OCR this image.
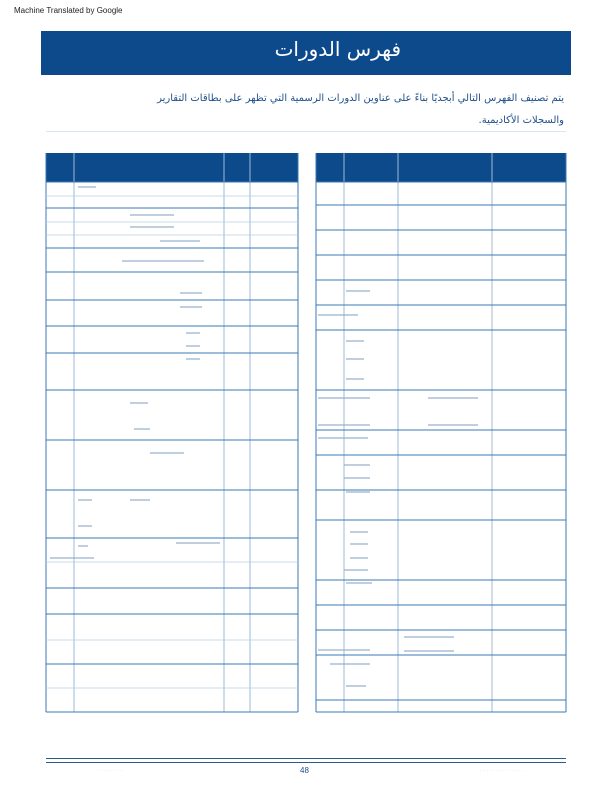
Machine Translated by Google
فهرس الدورات
يتم تصنيف الفهرس التالي أبجديًا بناءً على عناوين الدورات الرسمية التي تظهر على بطاقات التقارير
والسجلات الأكاديمية.
· · · · · · · ·	48	· · · · · · · · · · · · · ·
